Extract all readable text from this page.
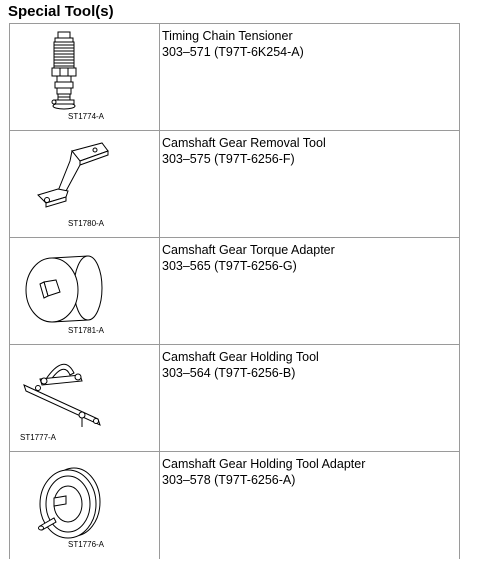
Special Tool(s)
ST1774-A	Timing Chain Tensioner
303–571 (T97T-6K254-A)

ST1780-A	Camshaft Gear Removal Tool
303–575 (T97T-6256-F)

ST1781-A	Camshaft Gear Torque Adapter
303–565 (T97T-6256-G)

ST1777-A	Camshaft Gear Holding Tool
303–564 (T97T-6256-B)

ST1776-A	Camshaft Gear Holding Tool Adapter
303–578 (T97T-6256-A)
